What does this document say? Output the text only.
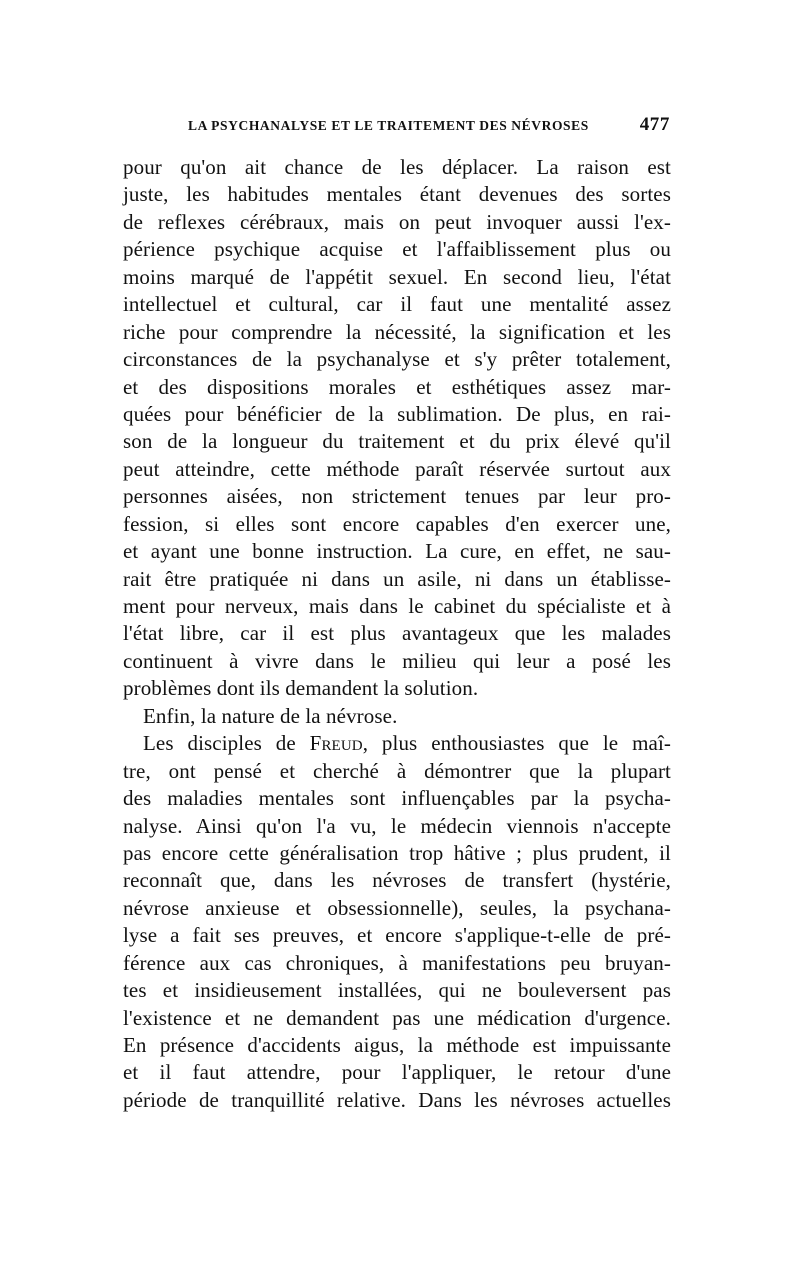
LA PSYCHANALYSE ET LE TRAITEMENT DES NÉVROSES	477
pour qu'on ait chance de les déplacer. La raison est
juste, les habitudes mentales étant devenues des sortes
de reflexes cérébraux, mais on peut invoquer aussi l'ex-
périence psychique acquise et l'affaiblissement plus ou
moins marqué de l'appétit sexuel. En second lieu, l'état
intellectuel et cultural, car il faut une mentalité assez
riche pour comprendre la nécessité, la signification et les
circonstances de la psychanalyse et s'y prêter totalement,
et des dispositions morales et esthétiques assez mar-
quées pour bénéficier de la sublimation. De plus, en rai-
son de la longueur du traitement et du prix élevé qu'il
peut atteindre, cette méthode paraît réservée surtout aux
personnes aisées, non strictement tenues par leur pro-
fession, si elles sont encore capables d'en exercer une,
et ayant une bonne instruction. La cure, en effet, ne sau-
rait être pratiquée ni dans un asile, ni dans un établisse-
ment pour nerveux, mais dans le cabinet du spécialiste et à
l'état libre, car il est plus avantageux que les malades
continuent à vivre dans le milieu qui leur a posé les
problèmes dont ils demandent la solution.
Enfin, la nature de la névrose.
Les disciples de Freud, plus enthousiastes que le maî-
tre, ont pensé et cherché à démontrer que la plupart
des maladies mentales sont influençables par la psycha-
nalyse. Ainsi qu'on l'a vu, le médecin viennois n'accepte
pas encore cette généralisation trop hâtive ; plus prudent, il
reconnaît que, dans les névroses de transfert (hystérie,
névrose anxieuse et obsessionnelle), seules, la psychana-
lyse a fait ses preuves, et encore s'applique-t-elle de pré-
férence aux cas chroniques, à manifestations peu bruyan-
tes et insidieusement installées, qui ne bouleversent pas
l'existence et ne demandent pas une médication d'urgence.
En présence d'accidents aigus, la méthode est impuissante
et il faut attendre, pour l'appliquer, le retour d'une
période de tranquillité relative. Dans les névroses actuelles
